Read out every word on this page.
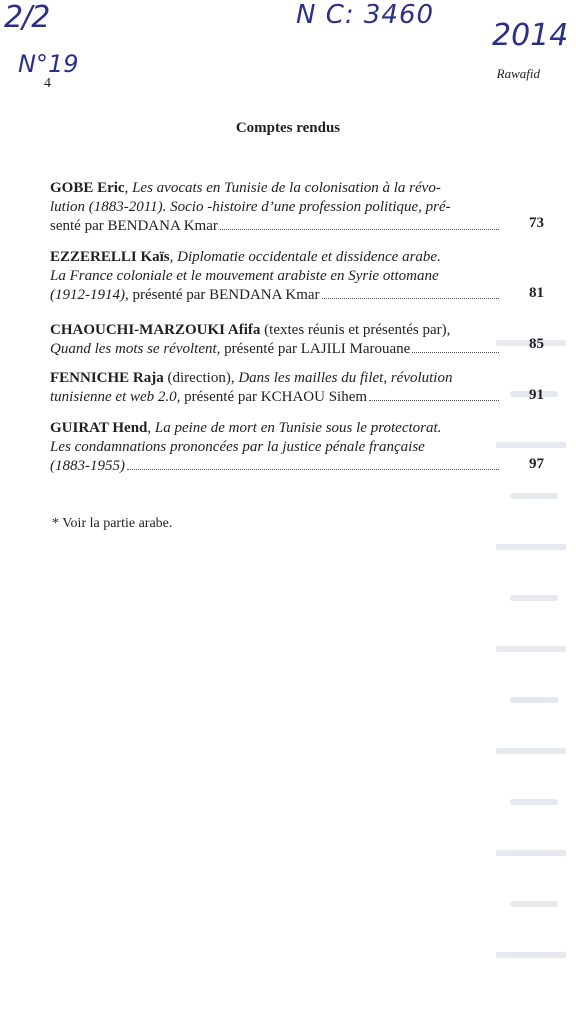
2/2
N°19
N C: 3460
2014
4
Rawafid
Comptes rendus

GOBE Eric, Les avocats en Tunisie de la colonisation à la révo-

lution (1883-2011). Socio -histoire d’une profession politique, pré-

senté par BENDANA Kmar	73

EZZERELLI Kaïs, Diplomatie occidentale et dissidence arabe.

La France coloniale et le mouvement arabiste en Syrie ottomane

(1912-1914), présenté par BENDANA Kmar	81

CHAOUCHI-MARZOUKI Afifa (textes réunis et présentés par),

Quand les mots se révoltent, présenté par LAJILI Marouane	85

FENNICHE Raja (direction), Dans les mailles du filet, révolution

tunisienne et web 2.0, présenté par KCHAOU Sihem	91

GUIRAT Hend, La peine de mort en Tunisie sous le protectorat.

Les condamnations prononcées par la justice pénale française

(1883-1955)	97
* Voir la partie arabe.
